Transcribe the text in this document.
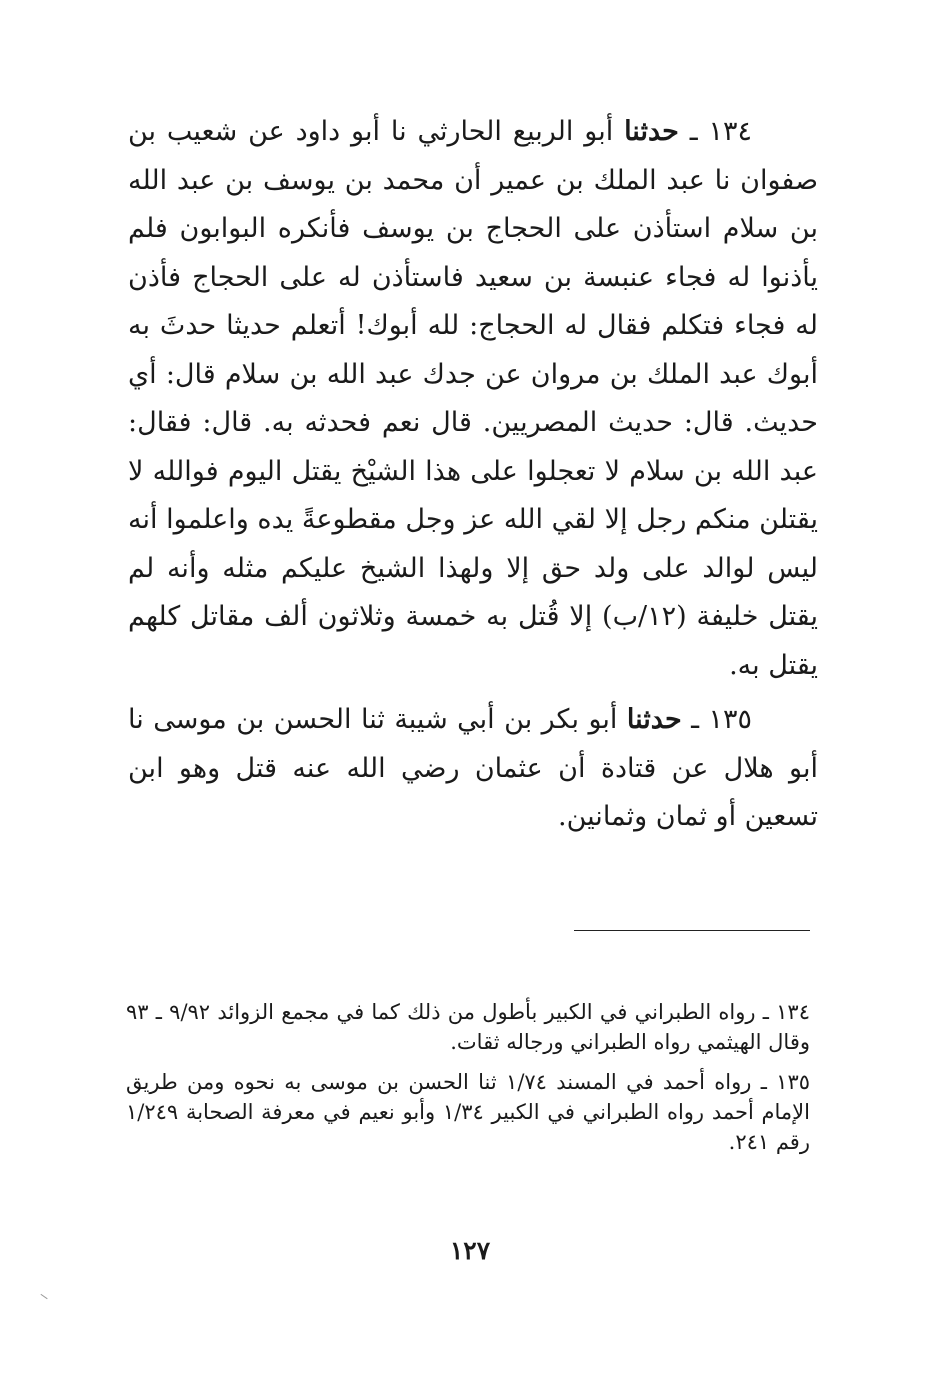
١٣٤ ـ حدثنا أبو الربيع الحارثي نا أبو داود عن شعيب بن صفوان نا عبد الملك بن عمير أن محمد بن يوسف بن عبد الله بن سلام استأذن على الحجاج بن يوسف فأنكره البوابون فلم يأذنوا له فجاء عنبسة بن سعيد فاستأذن له على الحجاج فأذن له فجاء فتكلم فقال له الحجاج: لله أبوك! أتعلم حديثا حدثَ به أبوك عبد الملك بن مروان عن جدك عبد الله بن سلام قال: أي حديث. قال: حديث المصريين. قال نعم فحدثه به. قال: فقال: عبد الله بن سلام لا تعجلوا على هذا الشيْخ يقتل اليوم فوالله لا يقتلن منكم رجل إلا لقي الله عز وجل مقطوعةً يده واعلموا أنه ليس لوالد على ولد حق إلا ولهذا الشيخ عليكم مثله وأنه لم يقتل خليفة (١٢/ب) إلا قُتل به خمسة وثلاثون ألف مقاتل كلهم يقتل به.

١٣٥ ـ حدثنا أبو بكر بن أبي شيبة ثنا الحسن بن موسى نا أبو هلال عن قتادة أن عثمان رضي الله عنه قتل وهو ابن تسعين أو ثمان وثمانين.

١٣٤ ـ رواه الطبراني في الكبير بأطول من ذلك كما في مجمع الزوائد ٩/٩٢ ـ ٩٣ وقال الهيثمي رواه الطبراني ورجاله ثقات.

١٣٥ ـ رواه أحمد في المسند ١/٧٤ ثنا الحسن بن موسى به نحوه ومن طريق الإمام أحمد رواه الطبراني في الكبير ١/٣٤ وأبو نعيم في معرفة الصحابة ١/٢٤٩ رقم ٢٤١.

١٢٧
